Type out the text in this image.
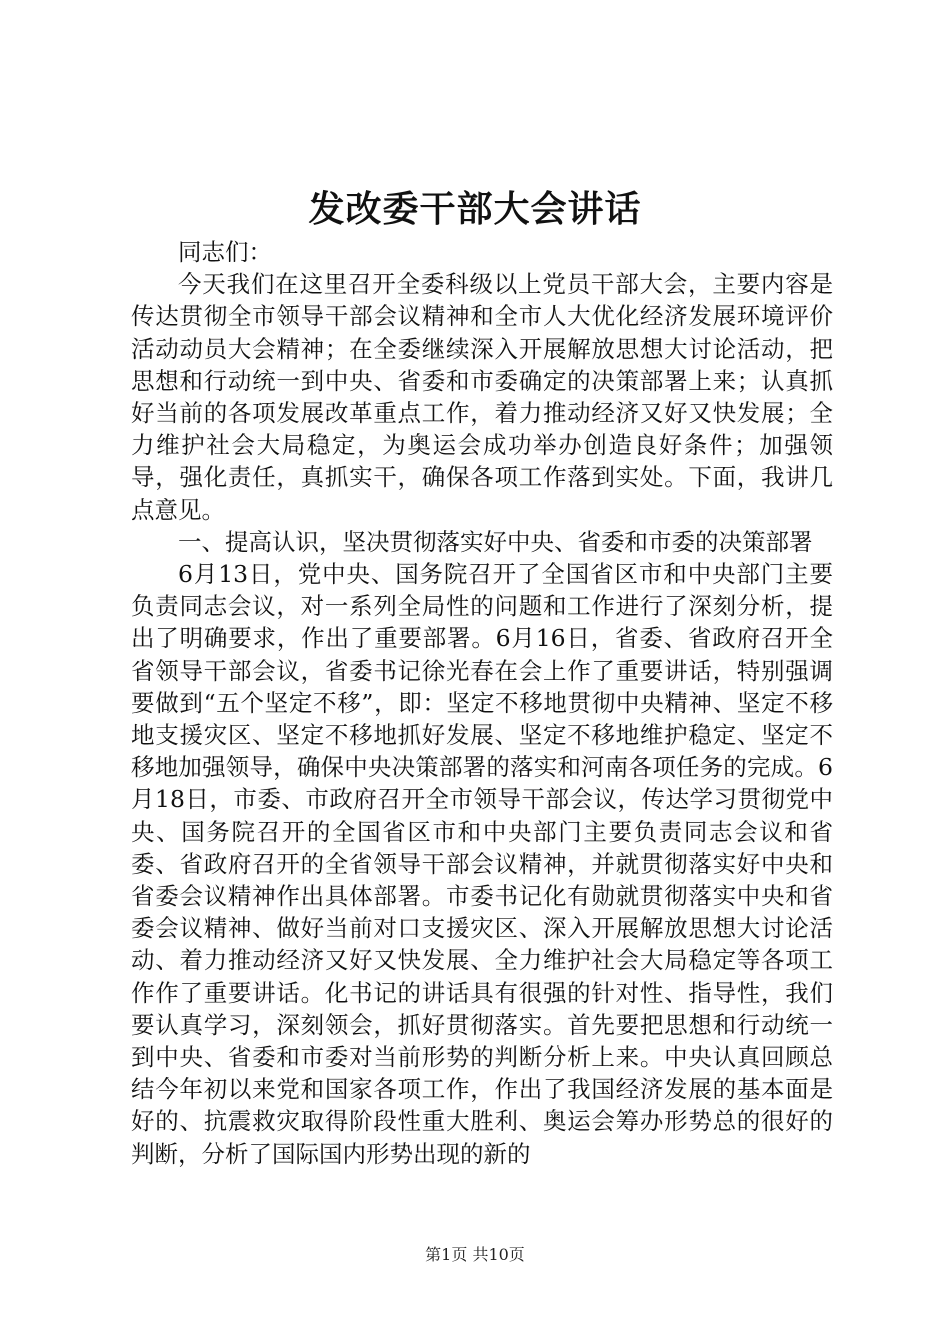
发改委干部大会讲话

同志们：

今天我们在这里召开全委科级以上党员干部大会，主要内容是传达贯彻全市领导干部会议精神和全市人大优化经济发展环境评价活动动员大会精神；在全委继续深入开展解放思想大讨论活动，把思想和行动统一到中央、省委和市委确定的决策部署上来；认真抓好当前的各项发展改革重点工作，着力推动经济又好又快发展；全力维护社会大局稳定，为奥运会成功举办创造良好条件；加强领导，强化责任，真抓实干，确保各项工作落到实处。下面，我讲几点意见。

一、提高认识，坚决贯彻落实好中央、省委和市委的决策部署

6月13日，党中央、国务院召开了全国省区市和中央部门主要负责同志会议，对一系列全局性的问题和工作进行了深刻分析，提出了明确要求，作出了重要部署。6月16日，省委、省政府召开全省领导干部会议，省委书记徐光春在会上作了重要讲话，特别强调要做到“五个坚定不移”，即：坚定不移地贯彻中央精神、坚定不移地支援灾区、坚定不移地抓好发展、坚定不移地维护稳定、坚定不移地加强领导，确保中央决策部署的落实和河南各项任务的完成。6月18日，市委、市政府召开全市领导干部会议，传达学习贯彻党中央、国务院召开的全国省区市和中央部门主要负责同志会议和省委、省政府召开的全省领导干部会议精神，并就贯彻落实好中央和省委会议精神作出具体部署。市委书记化有勋就贯彻落实中央和省委会议精神、做好当前对口支援灾区、深入开展解放思想大讨论活动、着力推动经济又好又快发展、全力维护社会大局稳定等各项工作作了重要讲话。化书记的讲话具有很强的针对性、指导性，我们要认真学习，深刻领会，抓好贯彻落实。首先要把思想和行动统一到中央、省委和市委对当前形势的判断分析上来。中央认真回顾总结今年初以来党和国家各项工作，作出了我国经济发展的基本面是好的、抗震救灾取得阶段性重大胜利、奥运会筹办形势总的很好的判断，分析了国际国内形势出现的新的

第1页 共10页
